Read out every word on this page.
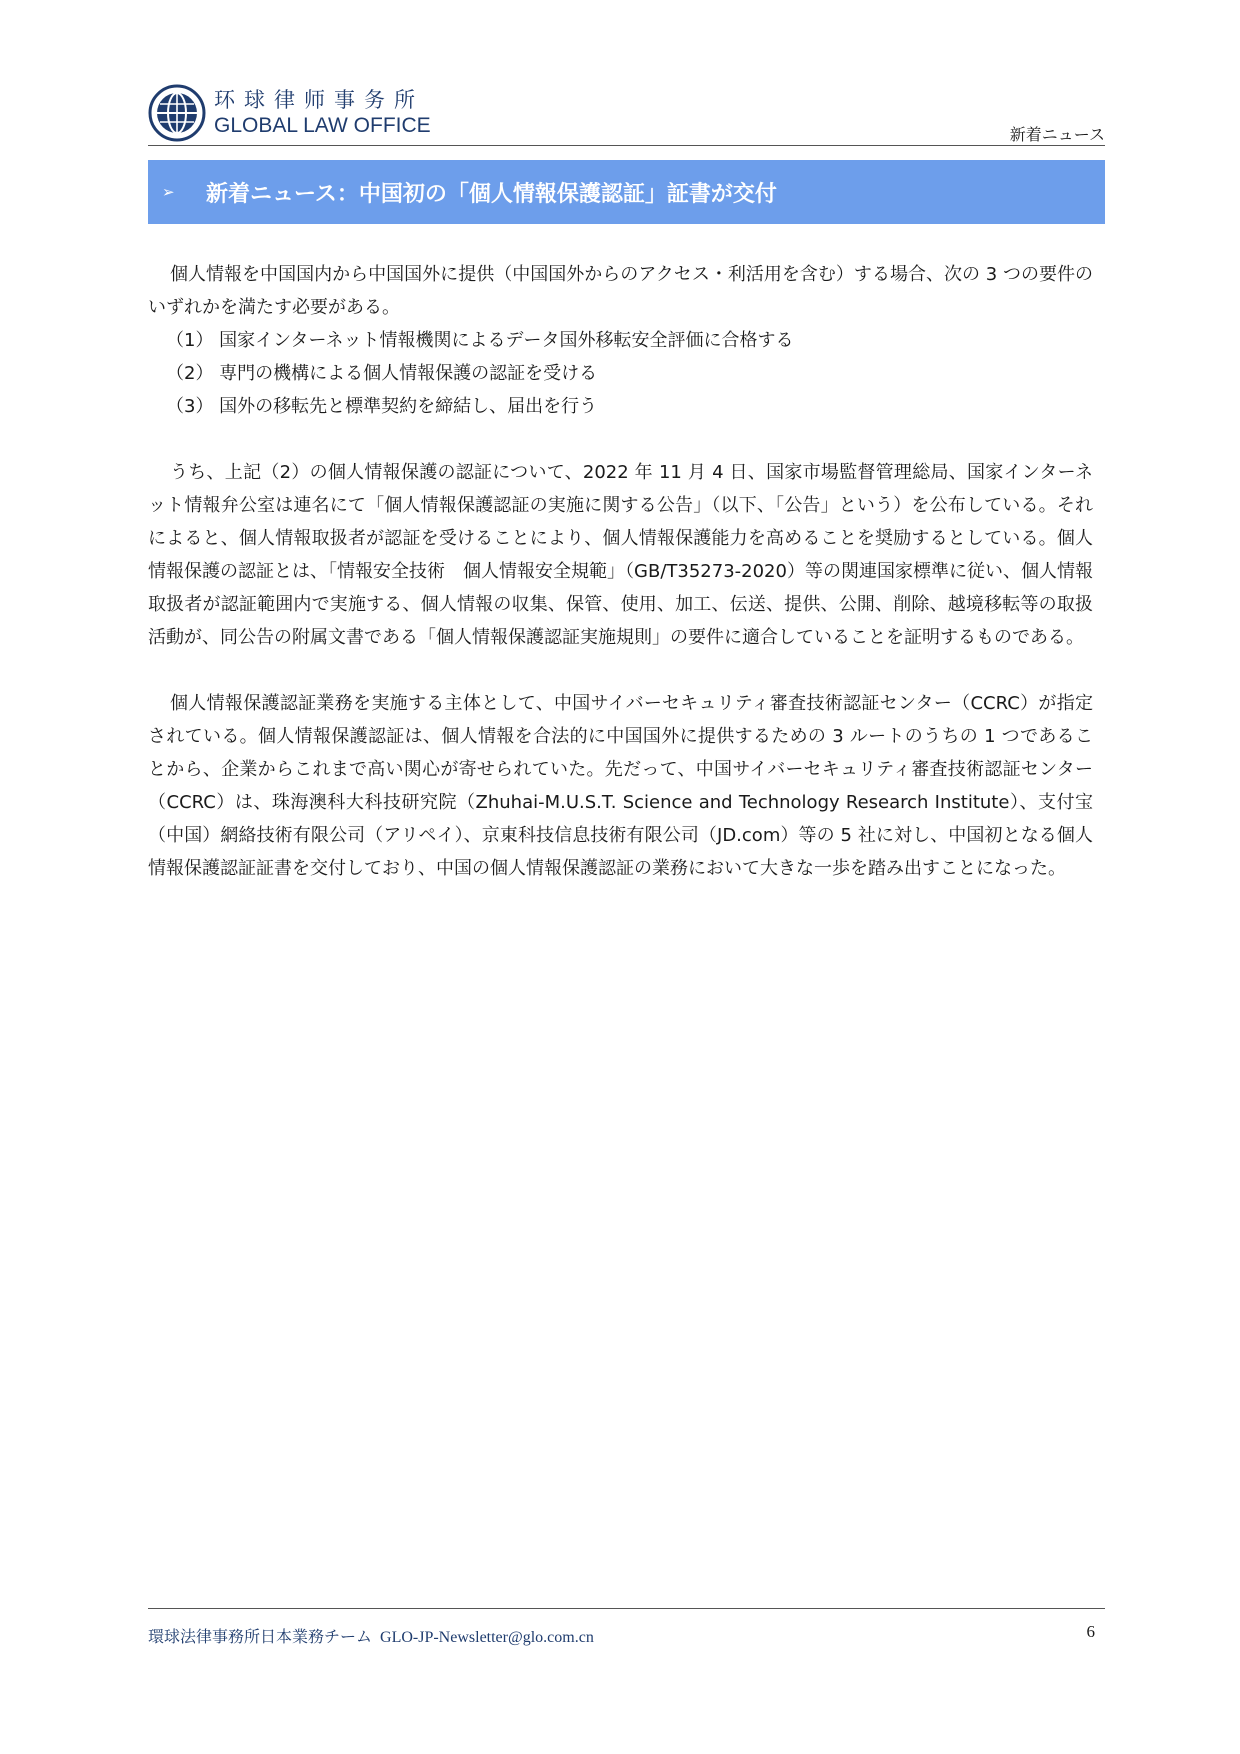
环球律师事务所
GLOBAL LAW OFFICE	新着ニュース
➢	新着ニュース：中国初の「個人情報保護認証」証書が交付

個人情報を中国国内から中国国外に提供（中国国外からのアクセス・利活用を含む）する場合、次の 3 つの要件のいずれかを満たす必要がある。

（1） 国家インターネット情報機関によるデータ国外移転安全評価に合格する

（2） 専門の機構による個人情報保護の認証を受ける

（3） 国外の移転先と標準契約を締結し、届出を行う

うち、上記（2）の個人情報保護の認証について、2022 年 11 月 4 日、国家市場監督管理総局、国家インターネット情報弁公室は連名にて「個人情報保護認証の実施に関する公告」（以下、「公告」という）を公布している。それによると、個人情報取扱者が認証を受けることにより、個人情報保護能力を高めることを奨励するとしている。個人情報保護の認証とは、「情報安全技術　個人情報安全規範」（GB/T35273-2020）等の関連国家標準に従い、個人情報取扱者が認証範囲内で実施する、個人情報の収集、保管、使用、加工、伝送、提供、公開、削除、越境移転等の取扱活動が、同公告の附属文書である「個人情報保護認証実施規則」の要件に適合していることを証明するものである。

個人情報保護認証業務を実施する主体として、中国サイバーセキュリティ審査技術認証センター（CCRC）が指定されている。個人情報保護認証は、個人情報を合法的に中国国外に提供するための 3 ルートのうちの 1 つであることから、企業からこれまで高い関心が寄せられていた。先だって、中国サイバーセキュリティ審査技術認証センター（CCRC）は、珠海澳科大科技研究院（Zhuhai-M.U.S.T. Science and Technology Research Institute）、支付宝（中国）網絡技術有限公司（アリペイ）、京東科技信息技術有限公司（JD.com）等の 5 社に対し、中国初となる個人情報保護認証証書を交付しており、中国の個人情報保護認証の業務において大きな一歩を踏み出すことになった。

環球法律事務所日本業務チーム GLO-JP-Newsletter@glo.com.cn	6
